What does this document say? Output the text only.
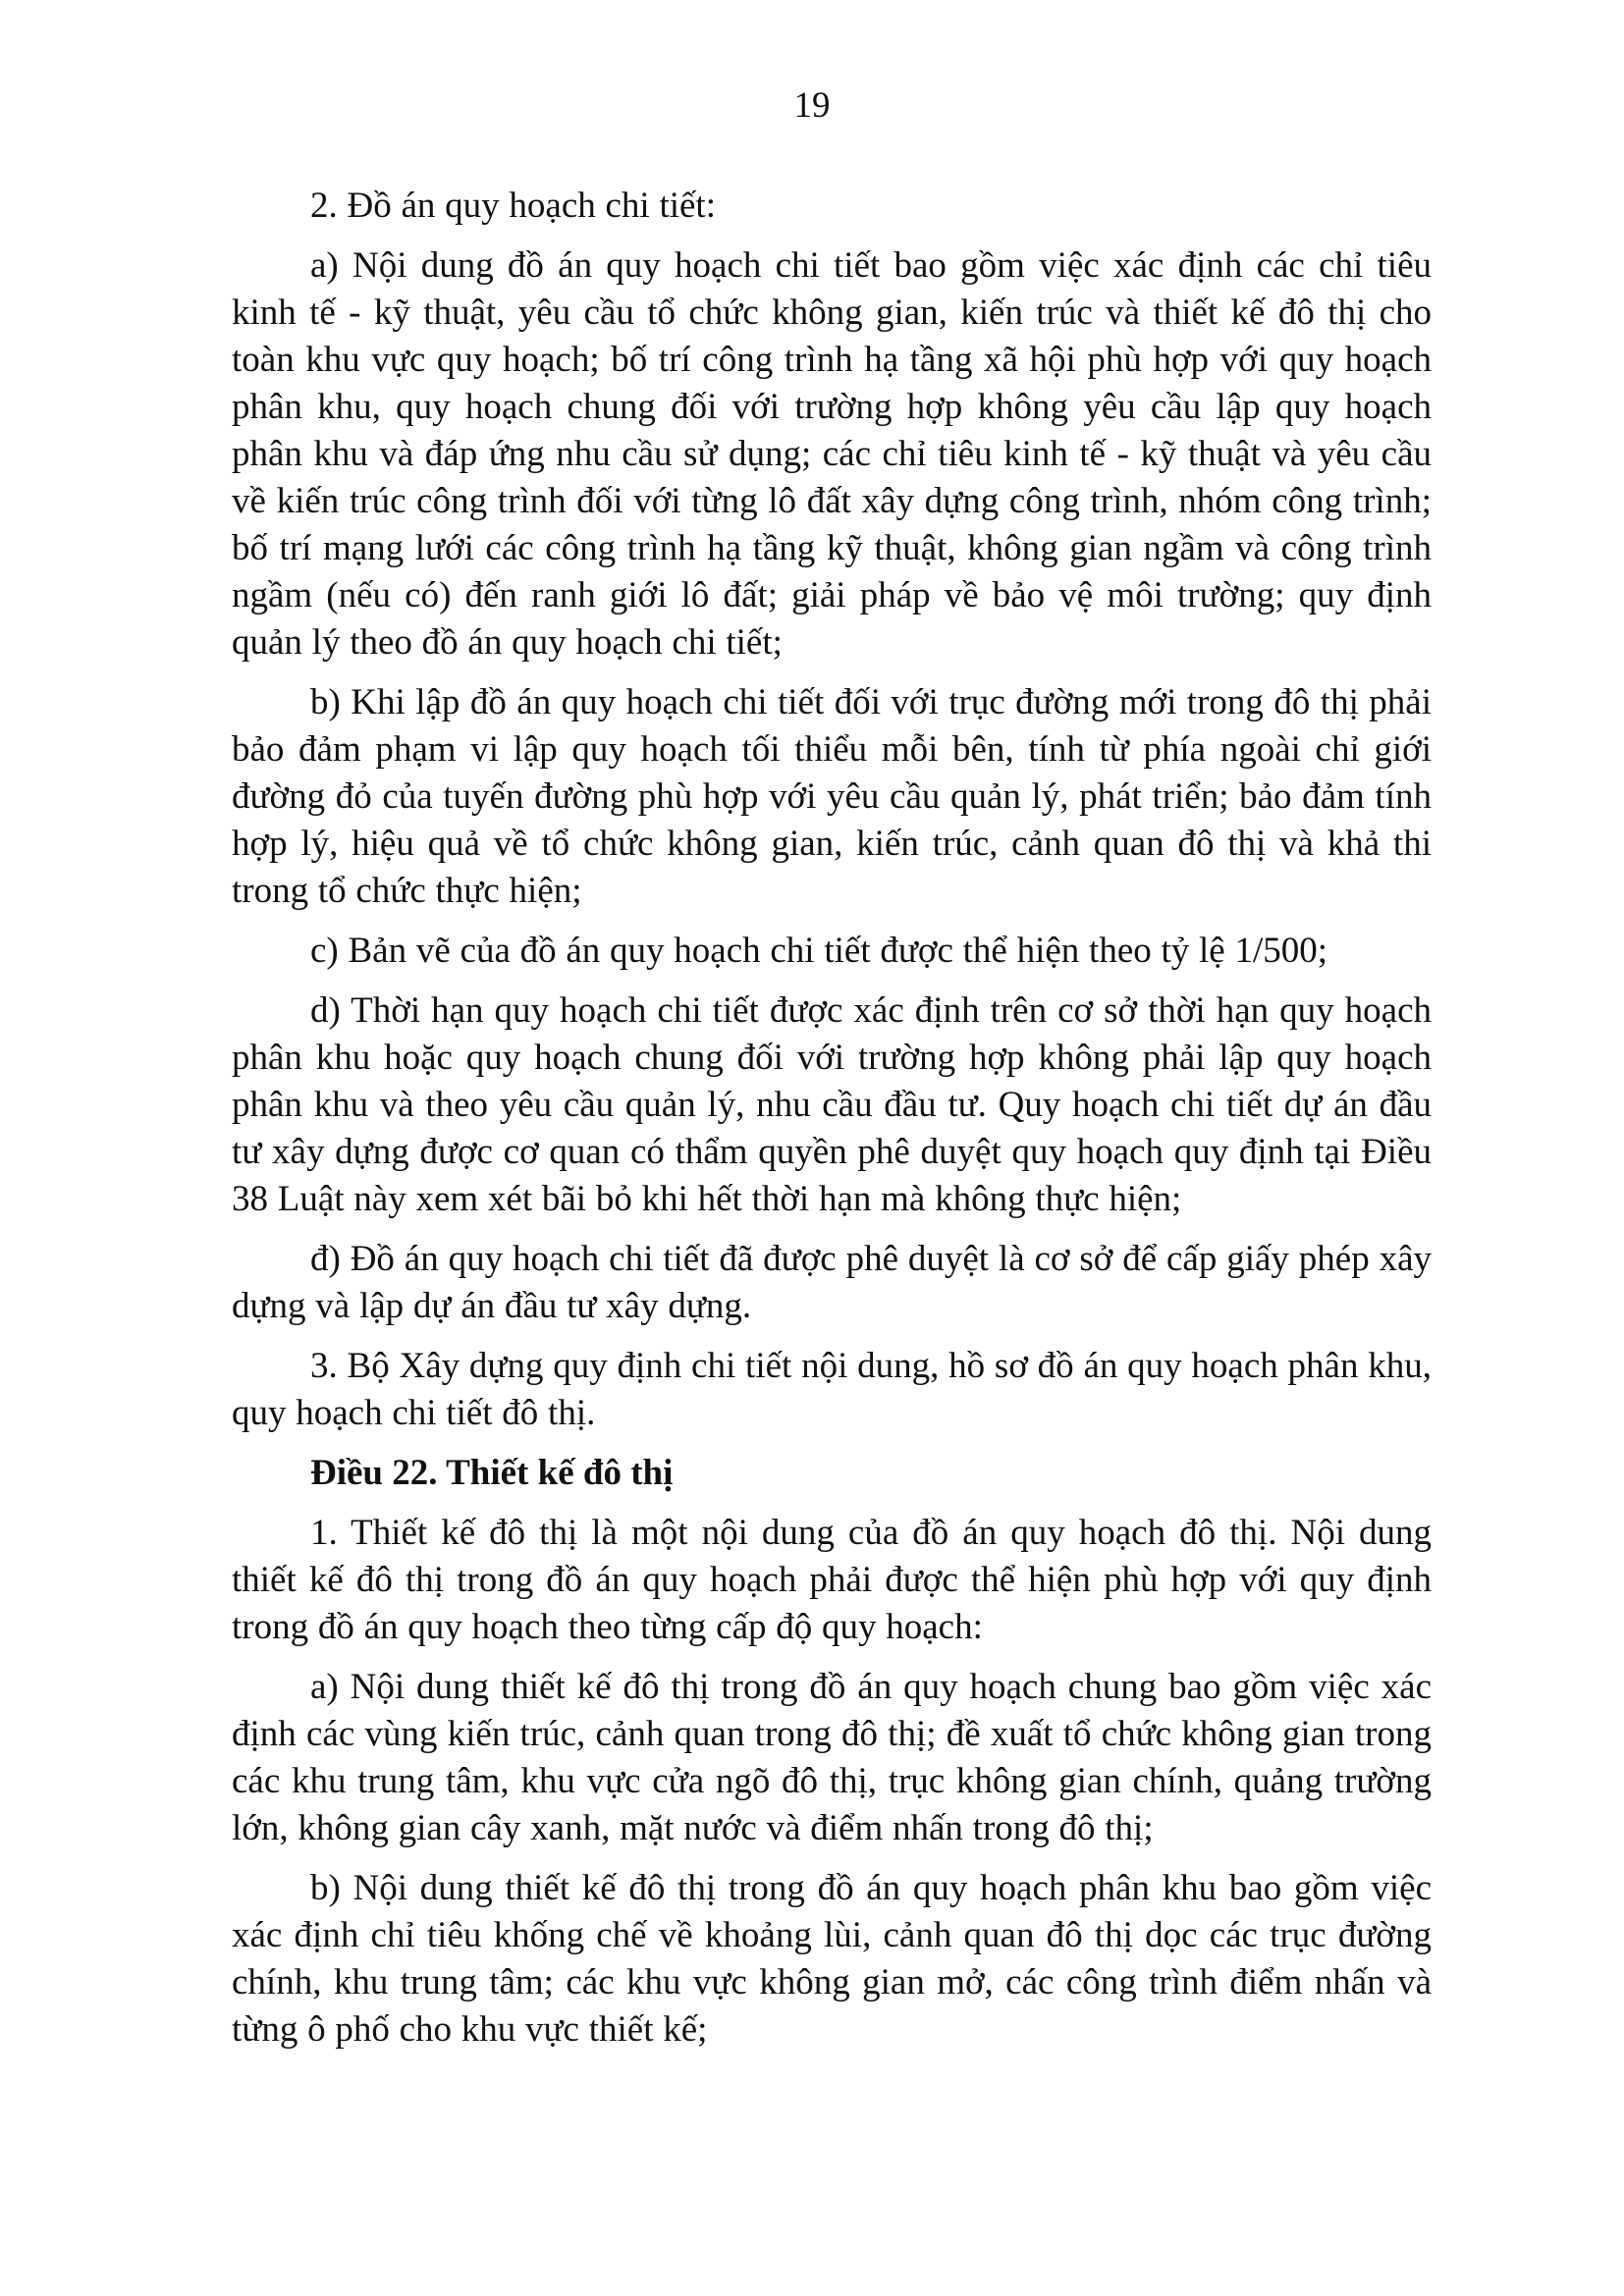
19

2. Đồ án quy hoạch chi tiết:

a) Nội dung đồ án quy hoạch chi tiết bao gồm việc xác định các chỉ tiêu kinh tế - kỹ thuật, yêu cầu tổ chức không gian, kiến trúc và thiết kế đô thị cho toàn khu vực quy hoạch; bố trí công trình hạ tầng xã hội phù hợp với quy hoạch phân khu, quy hoạch chung đối với trường hợp không yêu cầu lập quy hoạch phân khu và đáp ứng nhu cầu sử dụng; các chỉ tiêu kinh tế - kỹ thuật và yêu cầu về kiến trúc công trình đối với từng lô đất xây dựng công trình, nhóm công trình; bố trí mạng lưới các công trình hạ tầng kỹ thuật, không gian ngầm và công trình ngầm (nếu có) đến ranh giới lô đất; giải pháp về bảo vệ môi trường; quy định quản lý theo đồ án quy hoạch chi tiết;

b) Khi lập đồ án quy hoạch chi tiết đối với trục đường mới trong đô thị phải bảo đảm phạm vi lập quy hoạch tối thiểu mỗi bên, tính từ phía ngoài chỉ giới đường đỏ của tuyến đường phù hợp với yêu cầu quản lý, phát triển; bảo đảm tính hợp lý, hiệu quả về tổ chức không gian, kiến trúc, cảnh quan đô thị và khả thi trong tổ chức thực hiện;

c) Bản vẽ của đồ án quy hoạch chi tiết được thể hiện theo tỷ lệ 1/500;

d) Thời hạn quy hoạch chi tiết được xác định trên cơ sở thời hạn quy hoạch phân khu hoặc quy hoạch chung đối với trường hợp không phải lập quy hoạch phân khu và theo yêu cầu quản lý, nhu cầu đầu tư. Quy hoạch chi tiết dự án đầu tư xây dựng được cơ quan có thẩm quyền phê duyệt quy hoạch quy định tại Điều 38 Luật này xem xét bãi bỏ khi hết thời hạn mà không thực hiện;

đ) Đồ án quy hoạch chi tiết đã được phê duyệt là cơ sở để cấp giấy phép xây dựng và lập dự án đầu tư xây dựng.

3. Bộ Xây dựng quy định chi tiết nội dung, hồ sơ đồ án quy hoạch phân khu, quy hoạch chi tiết đô thị.

Điều 22. Thiết kế đô thị

1. Thiết kế đô thị là một nội dung của đồ án quy hoạch đô thị. Nội dung thiết kế đô thị trong đồ án quy hoạch phải được thể hiện phù hợp với quy định trong đồ án quy hoạch theo từng cấp độ quy hoạch:

a) Nội dung thiết kế đô thị trong đồ án quy hoạch chung bao gồm việc xác định các vùng kiến trúc, cảnh quan trong đô thị; đề xuất tổ chức không gian trong các khu trung tâm, khu vực cửa ngõ đô thị, trục không gian chính, quảng trường lớn, không gian cây xanh, mặt nước và điểm nhấn trong đô thị;

b) Nội dung thiết kế đô thị trong đồ án quy hoạch phân khu bao gồm việc xác định chỉ tiêu khống chế về khoảng lùi, cảnh quan đô thị dọc các trục đường chính, khu trung tâm; các khu vực không gian mở, các công trình điểm nhấn và từng ô phố cho khu vực thiết kế;
